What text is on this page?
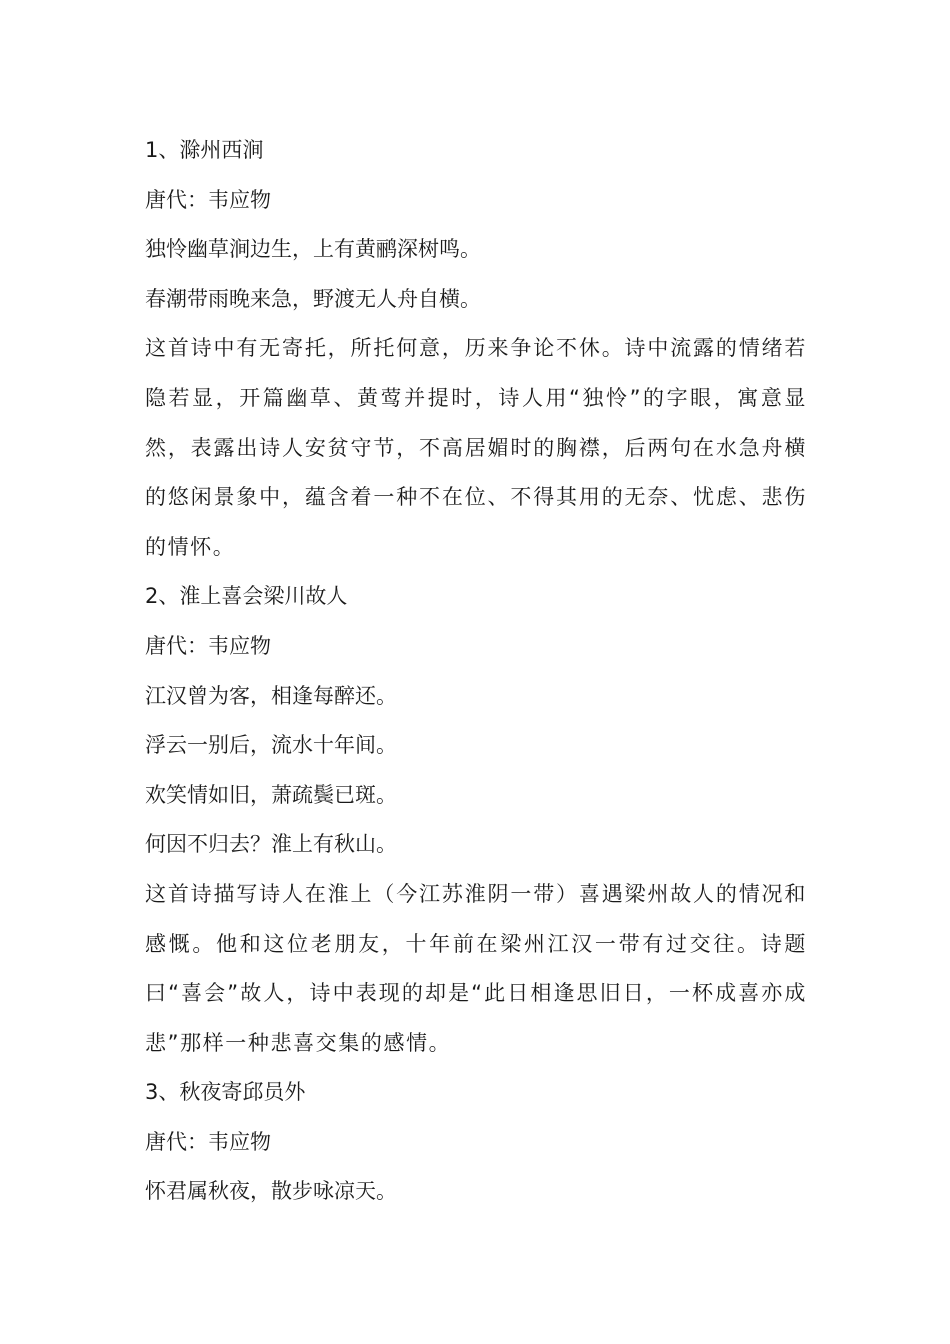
1、滁州西涧

唐代：韦应物

独怜幽草涧边生，上有黄鹂深树鸣。

春潮带雨晚来急，野渡无人舟自横。

这首诗中有无寄托，所托何意，历来争论不休。诗中流露的情绪若隐若显，开篇幽草、黄莺并提时，诗人用“独怜”的字眼，寓意显然，表露出诗人安贫守节，不高居媚时的胸襟，后两句在水急舟横的悠闲景象中，蕴含着一种不在位、不得其用的无奈、忧虑、悲伤的情怀。

2、淮上喜会梁川故人

唐代：韦应物

江汉曾为客，相逢每醉还。

浮云一别后，流水十年间。

欢笑情如旧，萧疏鬓已斑。

何因不归去？淮上有秋山。

这首诗描写诗人在淮上（今江苏淮阴一带）喜遇梁州故人的情况和感慨。他和这位老朋友，十年前在梁州江汉一带有过交往。诗题曰“喜会”故人，诗中表现的却是“此日相逢思旧日，一杯成喜亦成悲”那样一种悲喜交集的感情。

3、秋夜寄邱员外

唐代：韦应物

怀君属秋夜，散步咏凉天。
